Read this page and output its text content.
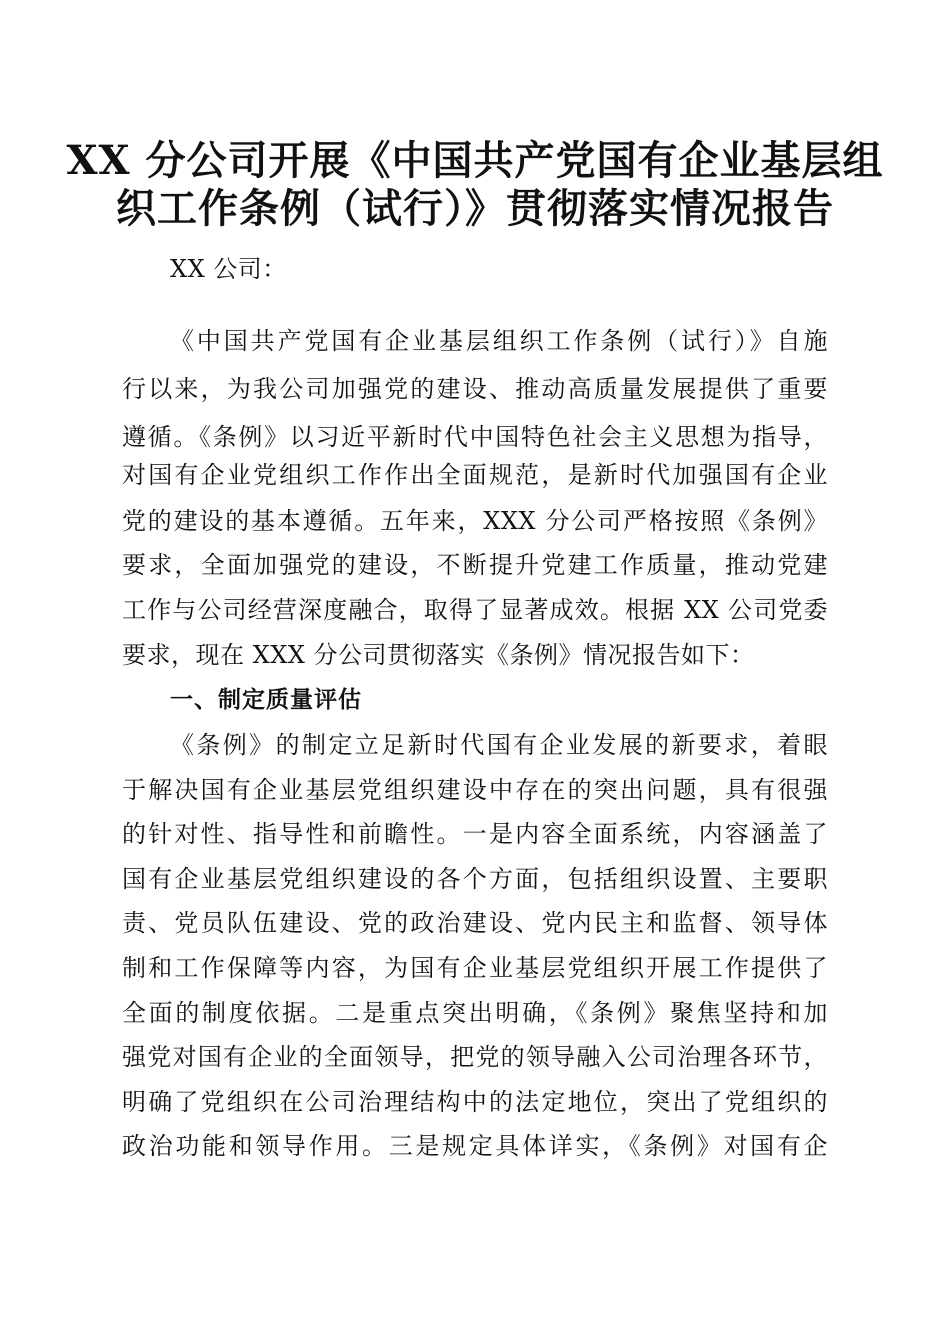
XX 分公司开展《中国共产党国有企业基层组
织工作条例（试行）》贯彻落实情况报告
XX 公司：
《中国共产党国有企业基层组织工作条例（试行）》自施
行以来，为我公司加强党的建设、推动高质量发展提供了重要
遵循。《条例》以习近平新时代中国特色社会主义思想为指导，
对国有企业党组织工作作出全面规范，是新时代加强国有企业
党的建设的基本遵循。五年来，XXX 分公司严格按照《条例》
要求，全面加强党的建设，不断提升党建工作质量，推动党建
工作与公司经营深度融合，取得了显著成效。根据 XX 公司党委
要求，现在 XXX 分公司贯彻落实《条例》情况报告如下：
一、制定质量评估
《条例》的制定立足新时代国有企业发展的新要求，着眼
于解决国有企业基层党组织建设中存在的突出问题，具有很强
的针对性、指导性和前瞻性。一是内容全面系统，内容涵盖了
国有企业基层党组织建设的各个方面，包括组织设置、主要职
责、党员队伍建设、党的政治建设、党内民主和监督、领导体
制和工作保障等内容，为国有企业基层党组织开展工作提供了
全面的制度依据。二是重点突出明确，《条例》聚焦坚持和加
强党对国有企业的全面领导，把党的领导融入公司治理各环节，
明确了党组织在公司治理结构中的法定地位，突出了党组织的
政治功能和领导作用。三是规定具体详实，《条例》对国有企
